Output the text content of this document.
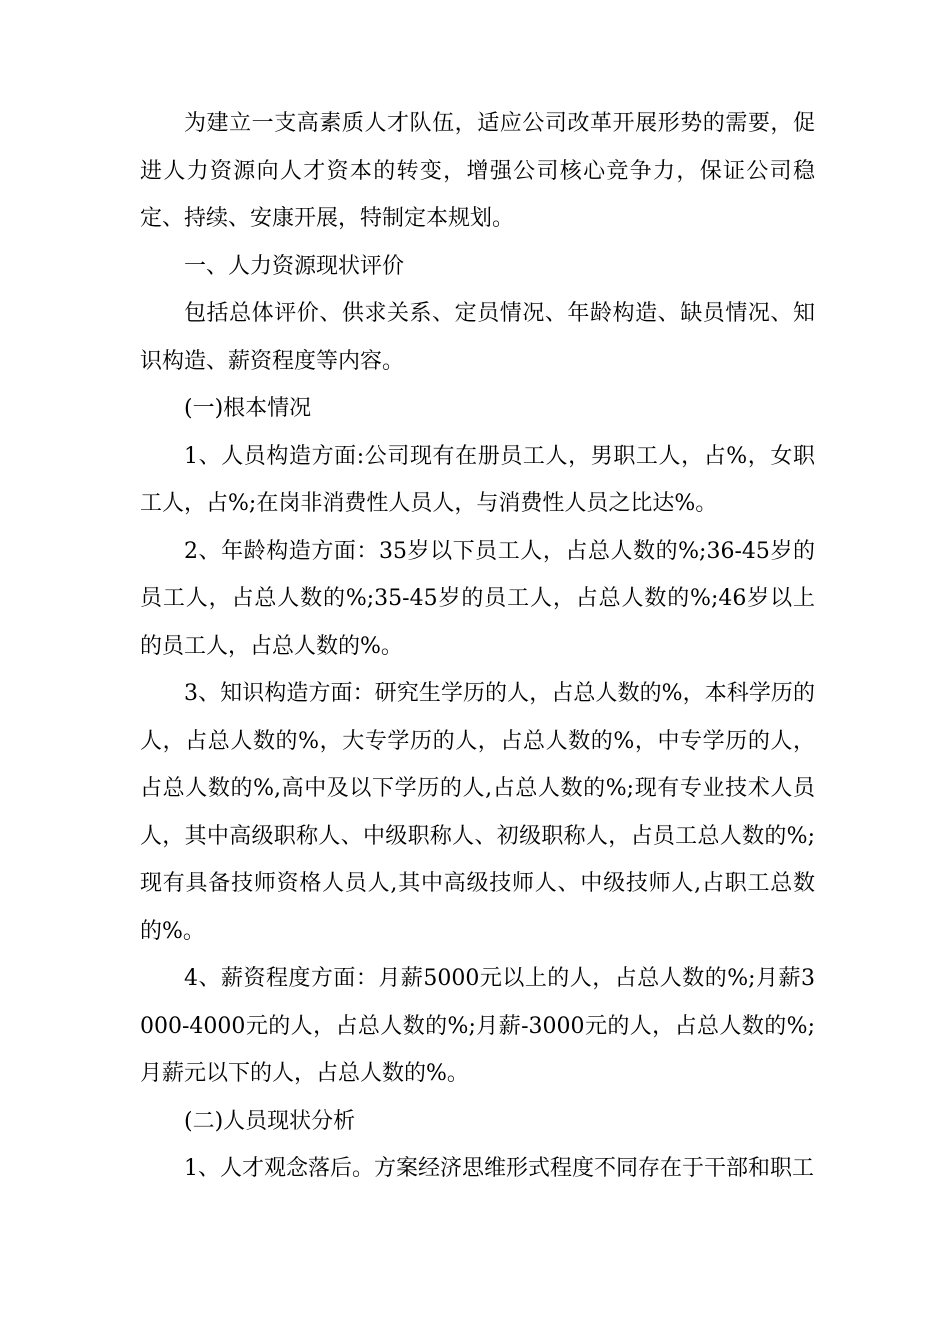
为建立一支高素质人才队伍，适应公司改革开展形势的需要，促进人力资源向人才资本的转变，增强公司核心竞争力，保证公司稳定、持续、安康开展，特制定本规划。

一、人力资源现状评价

包括总体评价、供求关系、定员情况、年龄构造、缺员情况、知识构造、薪资程度等内容。

(一)根本情况

1、人员构造方面:公司现有在册员工人，男职工人，占%，女职工人，占%;在岗非消费性人员人，与消费性人员之比达%。

2、年龄构造方面：35岁以下员工人，占总人数的%;36-45岁的员工人，占总人数的%;35-45岁的员工人，占总人数的%;46岁以上的员工人，占总人数的%。

3、知识构造方面：研究生学历的人，占总人数的%，本科学历的人，占总人数的%，大专学历的人，占总人数的%，中专学历的人，占总人数的%,高中及以下学历的人,占总人数的%;现有专业技术人员人，其中高级职称人、中级职称人、初级职称人，占员工总人数的%;现有具备技师资格人员人,其中高级技师人、中级技师人,占职工总数的%。

4、薪资程度方面：月薪5000元以上的人，占总人数的%;月薪3000-4000元的人，占总人数的%;月薪-3000元的人，占总人数的%;月薪元以下的人，占总人数的%。

(二)人员现状分析

1、人才观念落后。方案经济思维形式程度不同存在于干部和职工
